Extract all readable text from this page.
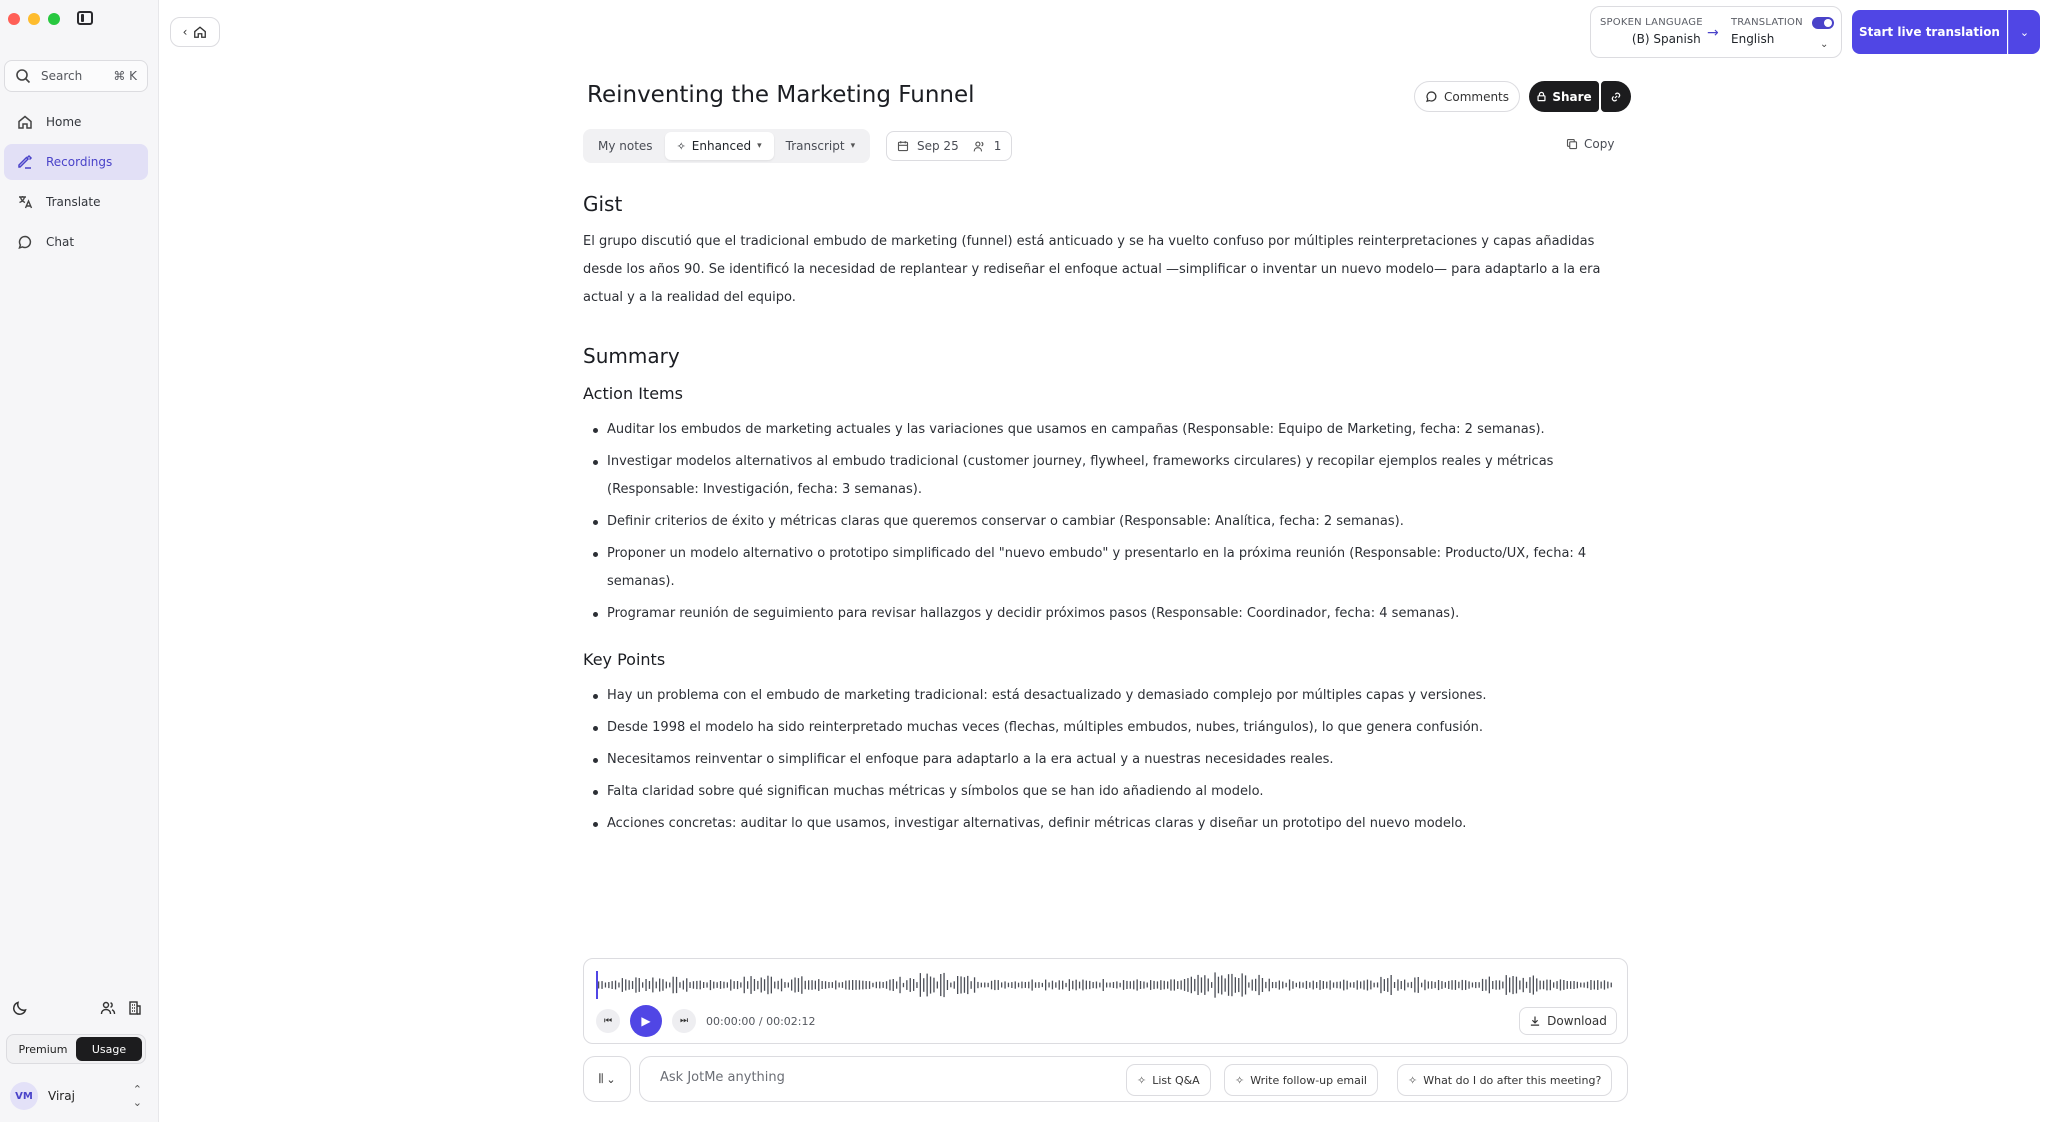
Search	⌘ K
Home
Recordings
Translate
Chat
Premium	Usage
VM	Viraj	⌃
⌄
‹
SPOKEN LANGUAGE
(B) Spanish →
TRANSLATION
English	⌄
Start live translation	⌄
Reinventing the Marketing Funnel	Comments	Share
My notes ✧ Enhanced ▾ Transcript ▾	Sep 25	1	Copy
Gist
El grupo discutió que el tradicional embudo de marketing (funnel) está anticuado y se ha vuelto confuso por múltiples reinterpretaciones y capas añadidas desde los años 90. Se identificó la necesidad de replantear y rediseñar el enfoque actual —simplificar o inventar un nuevo modelo— para adaptarlo a la era actual y a la realidad del equipo.
Summary
Action Items
Auditar los embudos de marketing actuales y las variaciones que usamos en campañas (Responsable: Equipo de Marketing, fecha: 2 semanas).
Investigar modelos alternativos al embudo tradicional (customer journey, flywheel, frameworks circulares) y recopilar ejemplos reales y métricas (Responsable: Investigación, fecha: 3 semanas).
Definir criterios de éxito y métricas claras que queremos conservar o cambiar (Responsable: Analítica, fecha: 2 semanas).
Proponer un modelo alternativo o prototipo simplificado del "nuevo embudo" y presentarlo en la próxima reunión (Responsable: Producto/UX, fecha: 4 semanas).
Programar reunión de seguimiento para revisar hallazgos y decidir próximos pasos (Responsable: Coordinador, fecha: 4 semanas).
Key Points
Hay un problema con el embudo de marketing tradicional: está desactualizado y demasiado complejo por múltiples capas y versiones.
Desde 1998 el modelo ha sido reinterpretado muchas veces (flechas, múltiples embudos, nubes, triángulos), lo que genera confusión.
Necesitamos reinventar o simplificar el enfoque para adaptarlo a la era actual y a nuestras necesidades reales.
Falta claridad sobre qué significan muchas métricas y símbolos que se han ido añadiendo al modelo.
Acciones concretas: auditar lo que usamos, investigar alternativas, definir métricas claras y diseñar un prototipo del nuevo modelo.
⏮ ▶	⏭ 00:00:00 / 00:02:12	Download
⫼ ⌄
Ask JotMe anything	✧ List Q&A	✧ Write follow-up email	✧ What do I do after this meeting?
